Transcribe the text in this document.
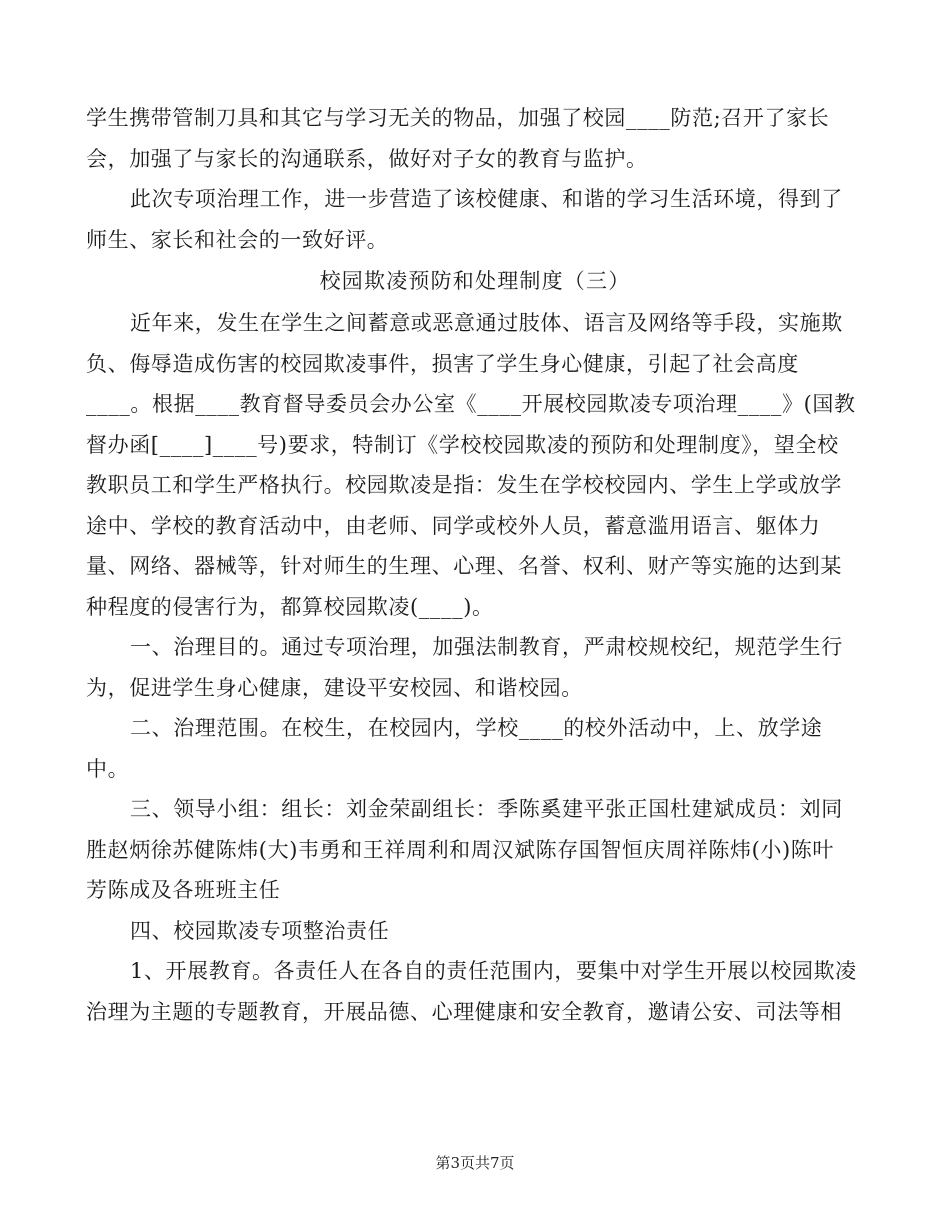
学生携带管制刀具和其它与学习无关的物品，加强了校园____防范;召开了家长
会，加强了与家长的沟通联系，做好对子女的教育与监护。
此次专项治理工作，进一步营造了该校健康、和谐的学习生活环境，得到了
师生、家长和社会的一致好评。
校园欺凌预防和处理制度（三）
近年来，发生在学生之间蓄意或恶意通过肢体、语言及网络等手段，实施欺
负、侮辱造成伤害的校园欺凌事件，损害了学生身心健康，引起了社会高度
____。根据____教育督导委员会办公室《____开展校园欺凌专项治理____》(国教
督办函[____]____号)要求，特制订《学校校园欺凌的预防和处理制度》，望全校
教职员工和学生严格执行。校园欺凌是指：发生在学校校园内、学生上学或放学
途中、学校的教育活动中，由老师、同学或校外人员，蓄意滥用语言、躯体力
量、网络、器械等，针对师生的生理、心理、名誉、权利、财产等实施的达到某
种程度的侵害行为，都算校园欺凌(____)。
一、治理目的。通过专项治理，加强法制教育，严肃校规校纪，规范学生行
为，促进学生身心健康，建设平安校园、和谐校园。
二、治理范围。在校生，在校园内，学校____的校外活动中，上、放学途
中。
三、领导小组：组长：刘金荣副组长：季陈奚建平张正国杜建斌成员：刘同
胜赵炳徐苏健陈炜(大)韦勇和王祥周利和周汉斌陈存国智恒庆周祥陈炜(小)陈叶
芳陈成及各班班主任
四、校园欺凌专项整治责任
1、开展教育。各责任人在各自的责任范围内，要集中对学生开展以校园欺凌
治理为主题的专题教育，开展品德、心理健康和安全教育，邀请公安、司法等相
第3页共7页
